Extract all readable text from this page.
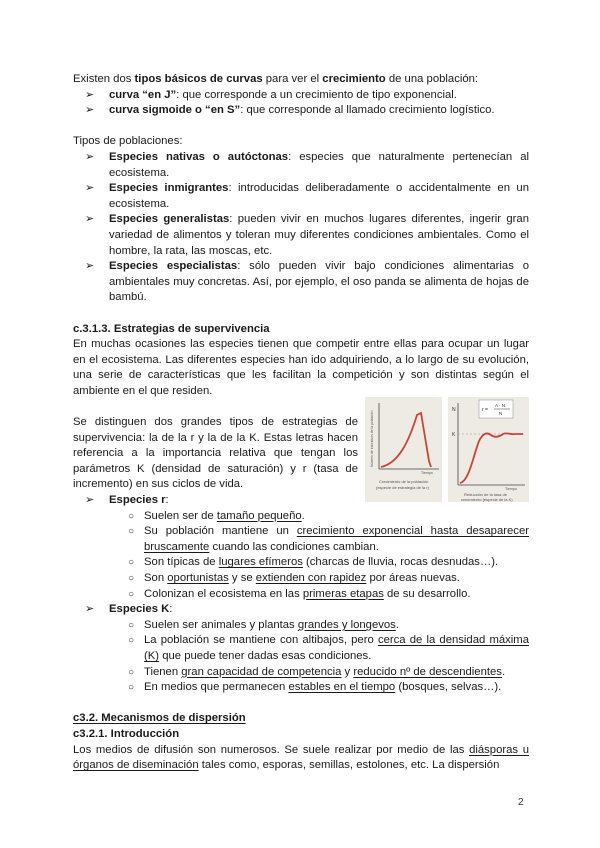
Existen dos tipos básicos de curvas para ver el crecimiento de una población:

➢ curva “en J”: que corresponde a un crecimiento de tipo exponencial.
➢ curva sigmoide o “en S”: que corresponde al llamado crecimiento logístico.

Tipos de poblaciones:

➢ Especies nativas o autóctonas: especies que naturalmente pertenecían al ecosistema.
➢ Especies inmigrantes: introducidas deliberadamente o accidentalmente en un ecosistema.
➢ Especies generalistas: pueden vivir en muchos lugares diferentes, ingerir gran variedad de alimentos y toleran muy diferentes condiciones ambientales. Como el hombre, la rata, las moscas, etc.
➢ Especies especialistas: sólo pueden vivir bajo condiciones alimentarias o ambientales muy concretas. Así, por ejemplo, el oso panda se alimenta de hojas de bambú.
c.3.1.3. Estrategias de supervivencia

En muchas ocasiones las especies tienen que competir entre ellas para ocupar un lugar en el ecosistema. Las diferentes especies han ido adquiriendo, a lo largo de su evolución, una serie de características que les facilitan la competición y son distintas según el ambiente en el que residen.

Se distinguen dos grandes tipos de estrategias de supervivencia: la de la r y la de la K. Estas letras hacen referencia a la importancia relativa que tengan los parámetros K (densidad de saturación) y r (tasa de incremento) en sus ciclos de vida.

Número de individuos de la población
Tiempo
Crecimiento de la población
(especie de estrategia de la r)
r =
A · N
N
N
K
Tiempo
Reducción de la tasa de
crecimiento (especie de la K)
➢ Especies r:
○ Suelen ser de tamaño pequeño.
○ Su población mantiene un crecimiento exponencial hasta desaparecer bruscamente cuando las condiciones cambian.
○ Son típicas de lugares efímeros (charcas de lluvia, rocas desnudas…).
○ Son oportunistas y se extienden con rapidez por áreas nuevas.
○ Colonizan el ecosistema en las primeras etapas de su desarrollo.
➢ Especies K:
○ Suelen ser animales y plantas grandes y longevos.
○ La población se mantiene con altibajos, pero cerca de la densidad máxima (K) que puede tener dadas esas condiciones.
○ Tienen gran capacidad de competencia y reducido nº de descendientes.
○ En medios que permanecen estables en el tiempo (bosques, selvas…).
c3.2. Mecanismos de dispersión
c3.2.1. Introducción

Los medios de difusión son numerosos. Se suele realizar por medio de las diásporas u órganos de diseminación tales como, esporas, semillas, estolones, etc. La dispersión

2
